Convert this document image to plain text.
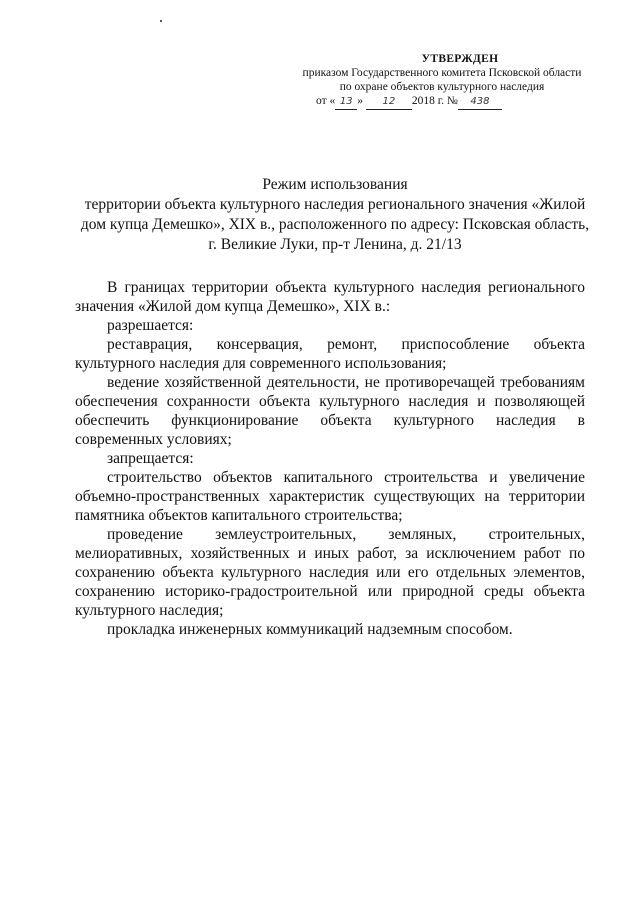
УТВЕРЖДЕН
приказом Государственного комитета Псковской области
по охране объектов культурного наследия
от « 13 » 12 2018 г. № 438
Режим использования
территории объекта культурного наследия регионального значения «Жилой дом купца Демешко», XIX в., расположенного по адресу: Псковская область, г. Великие Луки, пр-т Ленина, д. 21/13

В границах территории объекта культурного наследия регионального значения «Жилой дом купца Демешко», XIX в.:

разрешается:

реставрация, консервация, ремонт, приспособление объекта культурного наследия для современного использования;

ведение хозяйственной деятельности, не противоречащей требованиям обеспечения сохранности объекта культурного наследия и позволяющей обеспечить функционирование объекта культурного наследия в современных условиях;

запрещается:

строительство объектов капитального строительства и увеличение объемно-пространственных характеристик существующих на территории памятника объектов капитального строительства;

проведение землеустроительных, земляных, строительных, мелиоративных, хозяйственных и иных работ, за исключением работ по сохранению объекта культурного наследия или его отдельных элементов, сохранению историко-градостроительной или природной среды объекта культурного наследия;

прокладка инженерных коммуникаций надземным способом.
